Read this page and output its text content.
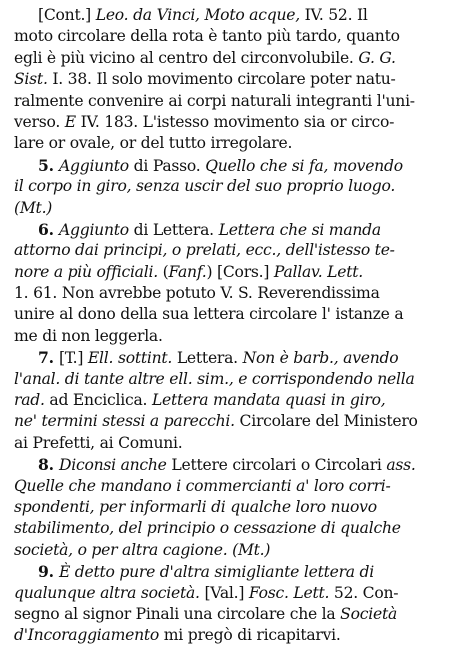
[Cont.] Leo. da Vinci, Moto acque, IV. 52. Il
moto circolare della rota è tanto più tardo, quanto
egli è più vicino al centro del circonvolubile. G. G.
Sist. I. 38. Il solo movimento circolare poter natu-
ralmente convenire ai corpi naturali integranti l'uni-
verso. E IV. 183. L'istesso movimento sia or circo-
lare or ovale, or del tutto irregolare.
5. Aggiunto di Passo. Quello che si fa, movendo
il corpo in giro, senza uscir del suo proprio luogo.
(Mt.)
6. Aggiunto di Lettera. Lettera che si manda
attorno dai principi, o prelati, ecc., dell'istesso te-
nore a più officiali. (Fanf.) [Cors.] Pallav. Lett.
1. 61. Non avrebbe potuto V. S. Reverendissima
unire al dono della sua lettera circolare l' istanze a
me di non leggerla.
7. [T.] Ell. sottint. Lettera. Non è barb., avendo
l'anal. di tante altre ell. sim., e corrispondendo nella
rad. ad Enciclica. Lettera mandata quasi in giro,
ne' termini stessi a parecchi. Circolare del Ministero
ai Prefetti, ai Comuni.
8. Diconsi anche Lettere circolari o Circolari ass.
Quelle che mandano i commercianti a' loro corri-
spondenti, per informarli di qualche loro nuovo
stabilimento, del principio o cessazione di qualche
società, o per altra cagione. (Mt.)
9. È detto pure d'altra simigliante lettera di
qualunque altra società. [Val.] Fosc. Lett. 52. Con-
segno al signor Pinali una circolare che la Società
d'Incoraggiamento mi pregò di ricapitarvi.
